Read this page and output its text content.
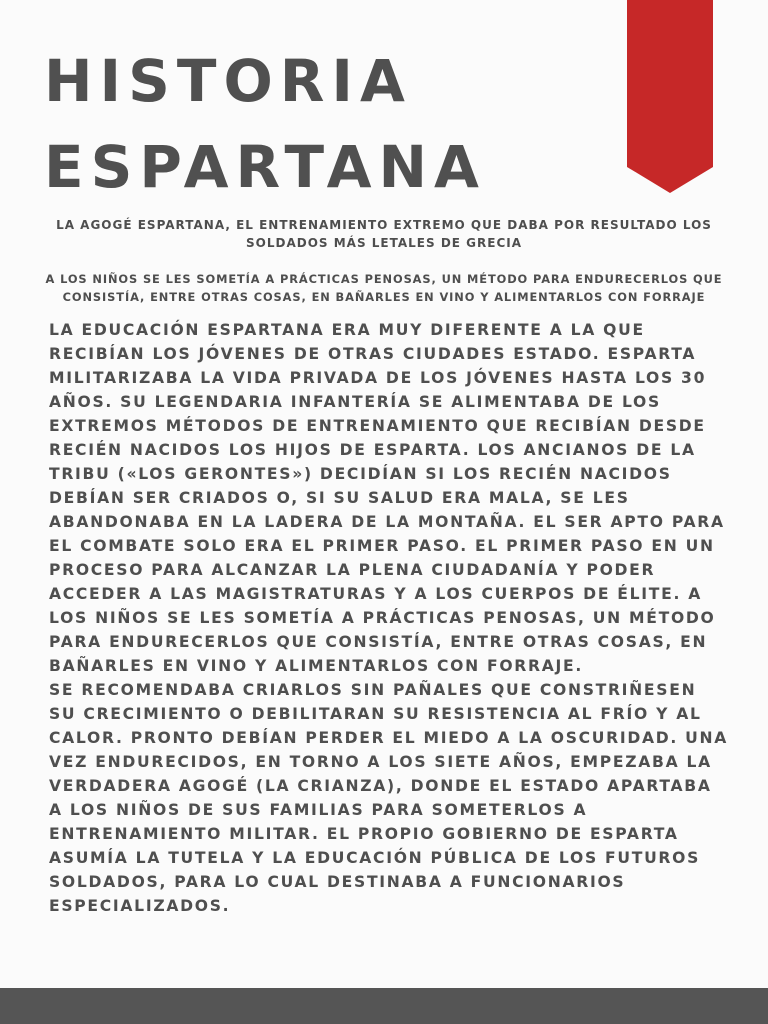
HISTORIA
ESPARTANA

LA AGOGÉ ESPARTANA, EL ENTRENAMIENTO EXTREMO QUE DABA POR RESULTADO LOS SOLDADOS MÁS LETALES DE GRECIA

A LOS NIÑOS SE LES SOMETÍA A PRÁCTICAS PENOSAS, UN MÉTODO PARA ENDURECERLOS QUE CONSISTÍA, ENTRE OTRAS COSAS, EN BAÑARLES EN VINO Y ALIMENTARLOS CON FORRAJE

LA EDUCACIÓN ESPARTANA ERA MUY DIFERENTE A LA QUE RECIBÍAN LOS JÓVENES DE OTRAS CIUDADES ESTADO. ESPARTA MILITARIZABA LA VIDA PRIVADA DE LOS JÓVENES HASTA LOS 30 AÑOS. SU LEGENDARIA INFANTERÍA SE ALIMENTABA DE LOS EXTREMOS MÉTODOS DE ENTRENAMIENTO QUE RECIBÍAN DESDE RECIÉN NACIDOS LOS HIJOS DE ESPARTA. LOS ANCIANOS DE LA TRIBU («LOS GERONTES») DECIDÍAN SI LOS RECIÉN NACIDOS DEBÍAN SER CRIADOS O, SI SU SALUD ERA MALA, SE LES ABANDONABA EN LA LADERA DE LA MONTAÑA. EL SER APTO PARA EL COMBATE SOLO ERA EL PRIMER PASO. EL PRIMER PASO EN UN PROCESO PARA ALCANZAR LA PLENA CIUDADANÍA Y PODER ACCEDER A LAS MAGISTRATURAS Y A LOS CUERPOS DE ÉLITE. A LOS NIÑOS SE LES SOMETÍA A PRÁCTICAS PENOSAS, UN MÉTODO PARA ENDURECERLOS QUE CONSISTÍA, ENTRE OTRAS COSAS, EN BAÑARLES EN VINO Y ALIMENTARLOS CON FORRAJE.

SE RECOMENDABA CRIARLOS SIN PAÑALES QUE CONSTRIÑESEN SU CRECIMIENTO O DEBILITARAN SU RESISTENCIA AL FRÍO Y AL CALOR. PRONTO DEBÍAN PERDER EL MIEDO A LA OSCURIDAD. UNA VEZ ENDURECIDOS, EN TORNO A LOS SIETE AÑOS, EMPEZABA LA VERDADERA AGOGÉ (LA CRIANZA), DONDE EL ESTADO APARTABA A LOS NIÑOS DE SUS FAMILIAS PARA SOMETERLOS A ENTRENAMIENTO MILITAR. EL PROPIO GOBIERNO DE ESPARTA ASUMÍA LA TUTELA Y LA EDUCACIÓN PÚBLICA DE LOS FUTUROS SOLDADOS, PARA LO CUAL DESTINABA A FUNCIONARIOS ESPECIALIZADOS.
